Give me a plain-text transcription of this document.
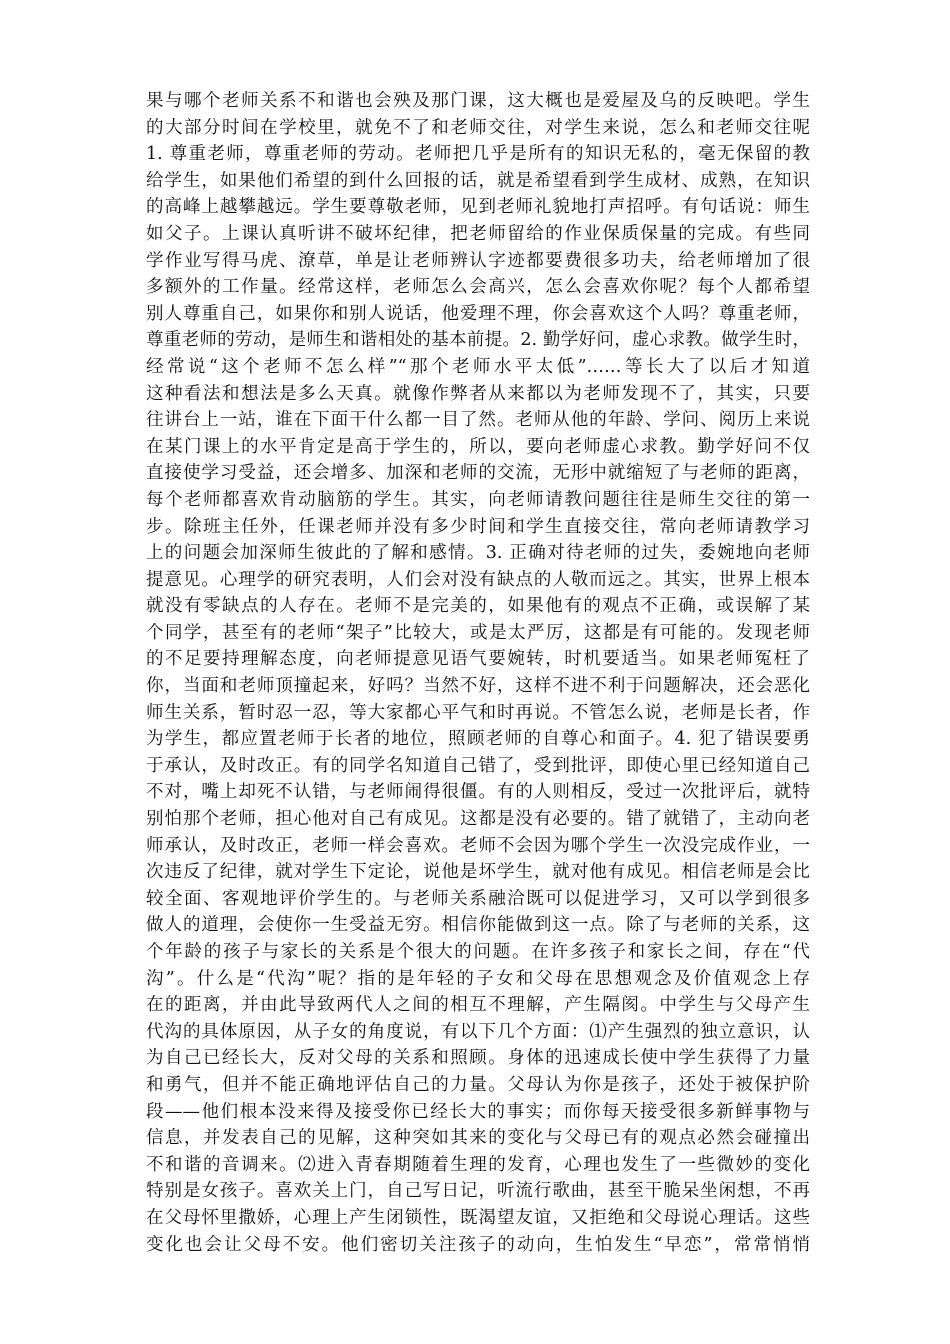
果与哪个老师关系不和谐也会殃及那门课，这大概也是爱屋及乌的反映吧。学生
的大部分时间在学校里，就免不了和老师交往，对学生来说，怎么和老师交往呢
1. 尊重老师，尊重老师的劳动。老师把几乎是所有的知识无私的，毫无保留的教
给学生，如果他们希望的到什么回报的话，就是希望看到学生成材、成熟，在知识
的高峰上越攀越远。学生要尊敬老师，见到老师礼貌地打声招呼。有句话说：师生
如父子。上课认真听讲不破坏纪律，把老师留给的作业保质保量的完成。有些同
学作业写得马虎、潦草，单是让老师辨认字迹都要费很多功夫，给老师增加了很
多额外的工作量。经常这样，老师怎么会高兴，怎么会喜欢你呢？每个人都希望
别人尊重自己，如果你和别人说话，他爱理不理，你会喜欢这个人吗？尊重老师，
尊重老师的劳动，是师生和谐相处的基本前提。2. 勤学好问，虚心求教。做学生时，
经常说“这个老师不怎么样”“那个老师水平太低”……等长大了以后才知道
这种看法和想法是多么天真。就像作弊者从来都以为老师发现不了，其实，只要
往讲台上一站，谁在下面干什么都一目了然。老师从他的年龄、学问、阅历上来说
在某门课上的水平肯定是高于学生的，所以，要向老师虚心求教。勤学好问不仅
直接使学习受益，还会增多、加深和老师的交流，无形中就缩短了与老师的距离，
每个老师都喜欢肯动脑筋的学生。其实，向老师请教问题往往是师生交往的第一
步。除班主任外，任课老师并没有多少时间和学生直接交往，常向老师请教学习
上的问题会加深师生彼此的了解和感情。3. 正确对待老师的过失，委婉地向老师
提意见。心理学的研究表明，人们会对没有缺点的人敬而远之。其实，世界上根本
就没有零缺点的人存在。老师不是完美的，如果他有的观点不正确，或误解了某
个同学，甚至有的老师“架子”比较大，或是太严厉，这都是有可能的。发现老师
的不足要持理解态度，向老师提意见语气要婉转，时机要适当。如果老师冤枉了
你，当面和老师顶撞起来，好吗？当然不好，这样不进不利于问题解决，还会恶化
师生关系，暂时忍一忍，等大家都心平气和时再说。不管怎么说，老师是长者，作
为学生，都应置老师于长者的地位，照顾老师的自尊心和面子。4. 犯了错误要勇
于承认，及时改正。有的同学名知道自己错了，受到批评，即使心里已经知道自己
不对，嘴上却死不认错，与老师闹得很僵。有的人则相反，受过一次批评后，就特
别怕那个老师，担心他对自己有成见。这都是没有必要的。错了就错了，主动向老
师承认，及时改正，老师一样会喜欢。老师不会因为哪个学生一次没完成作业，一
次违反了纪律，就对学生下定论，说他是坏学生，就对他有成见。相信老师是会比
较全面、客观地评价学生的。与老师关系融洽既可以促进学习，又可以学到很多
做人的道理，会使你一生受益无穷。相信你能做到这一点。除了与老师的关系，这
个年龄的孩子与家长的关系是个很大的问题。在许多孩子和家长之间，存在“代
沟”。什么是“代沟”呢？指的是年轻的子女和父母在思想观念及价值观念上存
在的距离，并由此导致两代人之间的相互不理解，产生隔阂。中学生与父母产生
代沟的具体原因，从子女的角度说，有以下几个方面：⑴产生强烈的独立意识，认
为自己已经长大，反对父母的关系和照顾。身体的迅速成长使中学生获得了力量
和勇气，但并不能正确地评估自己的力量。父母认为你是孩子，还处于被保护阶
段——他们根本没来得及接受你已经长大的事实；而你每天接受很多新鲜事物与
信息，并发表自己的见解，这种突如其来的变化与父母已有的观点必然会碰撞出
不和谐的音调来。⑵进入青春期随着生理的发育，心理也发生了一些微妙的变化
特别是女孩子。喜欢关上门，自己写日记，听流行歌曲，甚至干脆呆坐闲想，不再
在父母怀里撒娇，心理上产生闭锁性，既渴望友谊，又拒绝和父母说心理话。这些
变化也会让父母不安。他们密切关注孩子的动向，生怕发生“早恋”，常常悄悄
